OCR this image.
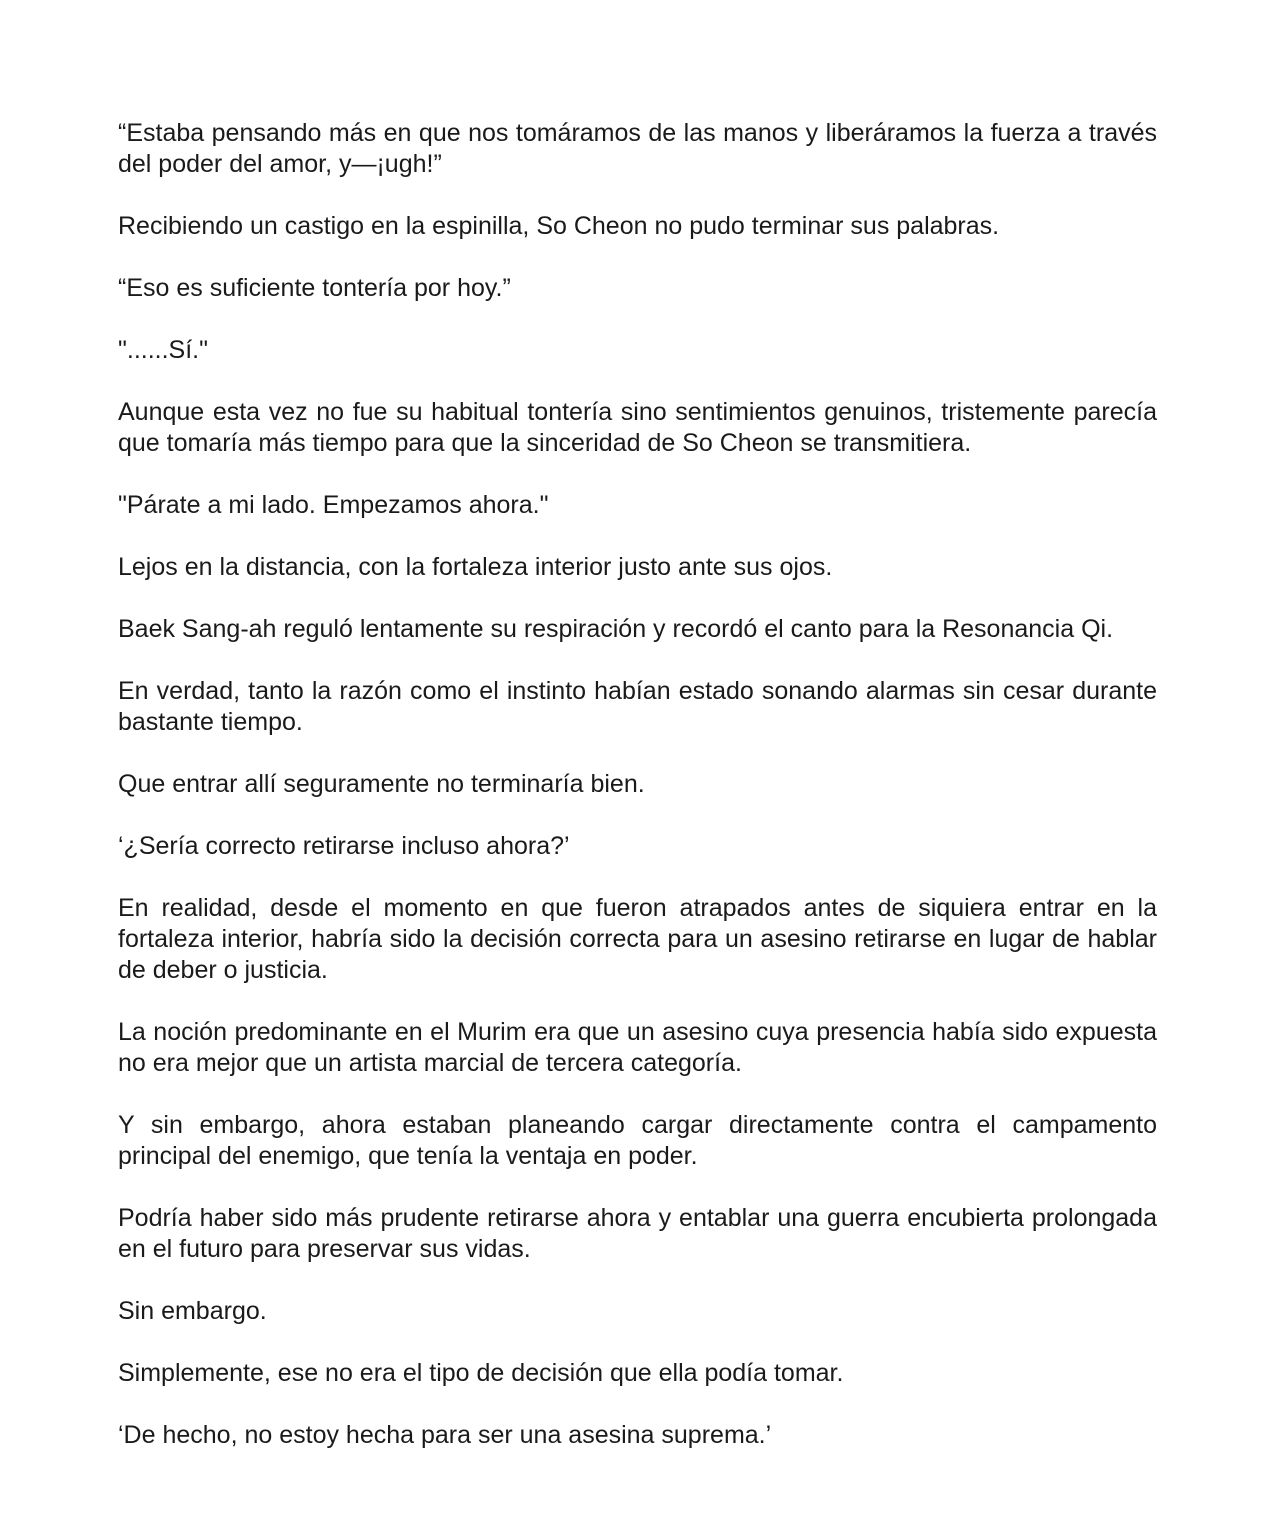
“Estaba pensando más en que nos tomáramos de las manos y liberáramos la fuerza a través del poder del amor, y—¡ugh!”

Recibiendo un castigo en la espinilla, So Cheon no pudo terminar sus palabras.

“Eso es suficiente tontería por hoy.”

"......Sí."

Aunque esta vez no fue su habitual tontería sino sentimientos genuinos, tristemente parecía que tomaría más tiempo para que la sinceridad de So Cheon se transmitiera.

"Párate a mi lado. Empezamos ahora."

Lejos en la distancia, con la fortaleza interior justo ante sus ojos.

Baek Sang-ah reguló lentamente su respiración y recordó el canto para la Resonancia Qi.

En verdad, tanto la razón como el instinto habían estado sonando alarmas sin cesar durante bastante tiempo.

Que entrar allí seguramente no terminaría bien.

‘¿Sería correcto retirarse incluso ahora?’

En realidad, desde el momento en que fueron atrapados antes de siquiera entrar en la fortaleza interior, habría sido la decisión correcta para un asesino retirarse en lugar de hablar de deber o justicia.

La noción predominante en el Murim era que un asesino cuya presencia había sido expuesta no era mejor que un artista marcial de tercera categoría.

Y sin embargo, ahora estaban planeando cargar directamente contra el campamento principal del enemigo, que tenía la ventaja en poder.

Podría haber sido más prudente retirarse ahora y entablar una guerra encubierta prolongada en el futuro para preservar sus vidas.

Sin embargo.

Simplemente, ese no era el tipo de decisión que ella podía tomar.

‘De hecho, no estoy hecha para ser una asesina suprema.’
